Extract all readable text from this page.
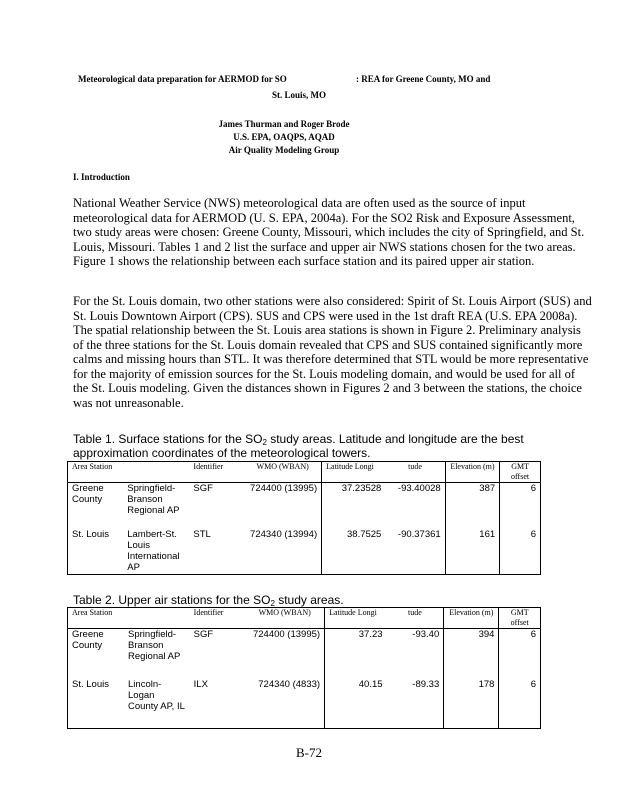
Meteorological data preparation for AERMOD for SO	: REA for Greene County, MO and
St. Louis, MO
James Thurman and Roger Brode
U.S. EPA, OAQPS, AQAD
Air Quality Modeling Group
I. Introduction
National Weather Service (NWS) meteorological data are often used as the source of input meteorological data for AERMOD (U. S. EPA, 2004a). For the SO2 Risk and Exposure Assessment, two study areas were chosen: Greene County, Missouri, which includes the city of Springfield, and St. Louis, Missouri. Tables 1 and 2 list the surface and upper air NWS stations chosen for the two areas. Figure 1 shows the relationship between each surface station and its paired upper air station.
For the St. Louis domain, two other stations were also considered: Spirit of St. Louis Airport (SUS) and St. Louis Downtown Airport (CPS). SUS and CPS were used in the 1st draft REA (U.S. EPA 2008a). The spatial relationship between the St. Louis area stations is shown in Figure 2. Preliminary analysis of the three stations for the St. Louis domain revealed that CPS and SUS contained significantly more calms and missing hours than STL. It was therefore determined that STL would be more representative for the majority of emission sources for the St. Louis modeling domain, and would be used for all of the St. Louis modeling. Given the distances shown in Figures 2 and 3 between the stations, the choice was not unreasonable.
Table 1. Surface stations for the $SO_2$ study areas. Latitude and longitude are the best approximation coordinates of the meteorological towers.
Area Station		Identifier	WMO (WBAN)	Latitude Longi	tude	Elevation (m)	GMT offset
Greene County	Springfield-Branson Regional AP	SGF	724400 (13995)	37.23528	-93.40028	387	6
St. Louis	Lambert-St. Louis International AP	STL	724340 (13994)	38.7525	-90.37361	161	6
Table 2. Upper air stations for the $SO_2$ study areas.
Area Station		Identifier	WMO (WBAN)	Latitude Longi	tude	Elevation (m)	GMT offset
Greene County	Springfield-Branson Regional AP	SGF	724400 (13995)	37.23	-93.40	394	6
St. Louis	Lincoln-Logan County AP, IL	ILX	724340 (4833)	40.15	-89.33	178	6
B-72
